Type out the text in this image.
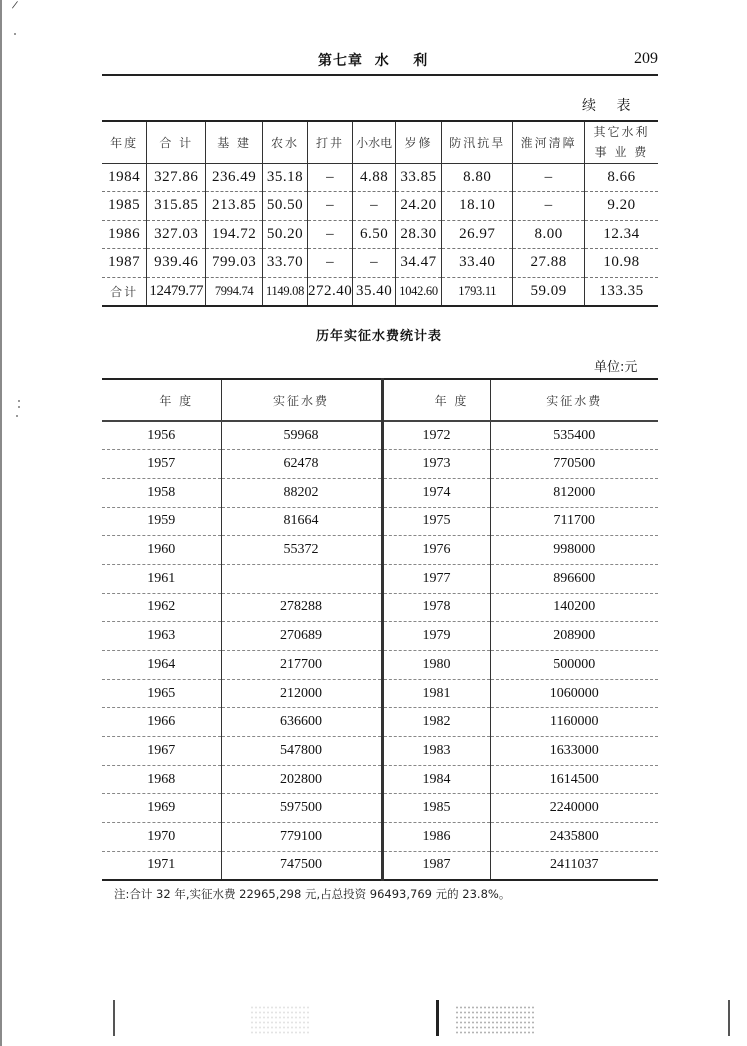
/
第七章  水    利	209
续 表
年度	合 计	基 建	农水	打井	小水电	岁修	防汛抗旱	淮河清障	其它水利
事 业 费

1984	327.86	236.49	35.18	–	4.88	33.85	8.80	–	8.66
1985	315.85	213.85	50.50	–	–	24.20	18.10	–	9.20
1986	327.03	194.72	50.20	–	6.50	28.30	26.97	8.00	12.34
1987	939.46	799.03	33.70	–	–	34.47	33.40	27.88	10.98
合计	12479.77	7994.74	1149.08	272.40	35.40	1042.60	1793.11	59.09	133.35
历年实征水费统计表
单位:元
年 度	实征水费	年 度	实征水费
1956	59968	1972	535400
1957	62478	1973	770500
1958	88202	1974	812000
1959	81664	1975	711700
1960	55372	1976	998000
1961		1977	896600
1962	278288	1978	140200
1963	270689	1979	208900
1964	217700	1980	500000
1965	212000	1981	1060000
1966	636600	1982	1160000
1967	547800	1983	1633000
1968	202800	1984	1614500
1969	597500	1985	2240000
1970	779100	1986	2435800
1971	747500	1987	2411037
注:合计 32 年,实征水费 22965,298 元,占总投资 96493,769 元的 23.8%。
